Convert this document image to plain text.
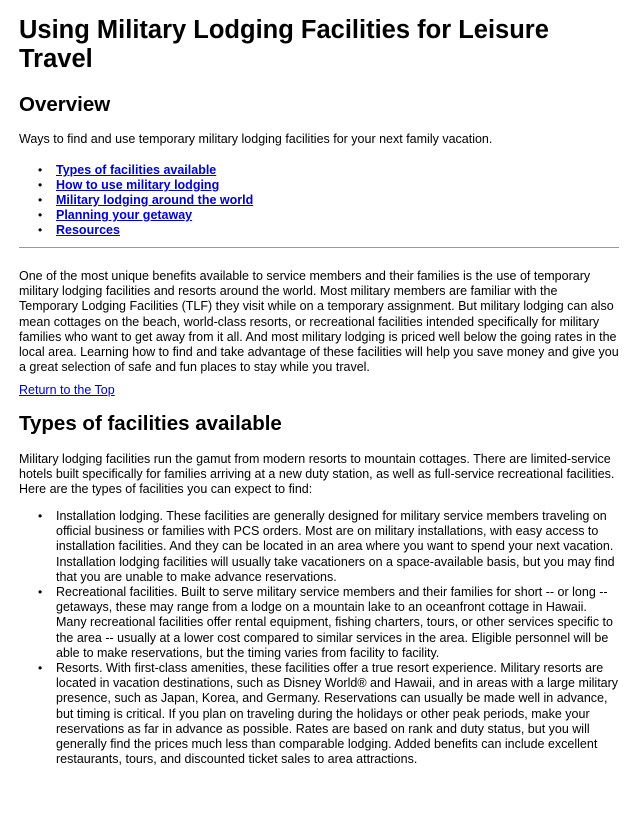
Using Military Lodging Facilities for Leisure Travel
Overview
Ways to find and use temporary military lodging facilities for your next family vacation.
• Types of facilities available
• How to use military lodging
• Military lodging around the world
• Planning your getaway
• Resources

One of the most unique benefits available to service members and their families is the use of temporary military lodging facilities and resorts around the world. Most military members are familiar with the Temporary Lodging Facilities (TLF) they visit while on a temporary assignment. But military lodging can also mean cottages on the beach, world-class resorts, or recreational facilities intended specifically for military families who want to get away from it all. And most military lodging is priced well below the going rates in the local area. Learning how to find and take advantage of these facilities will help you save money and give you a great selection of safe and fun places to stay while you travel.

Return to the Top
Types of facilities available

Military lodging facilities run the gamut from modern resorts to mountain cottages. There are limited-service hotels built specifically for families arriving at a new duty station, as well as full-service recreational facilities. Here are the types of facilities you can expect to find:

• Installation lodging. These facilities are generally designed for military service members traveling on official business or families with PCS orders. Most are on military installations, with easy access to installation facilities. And they can be located in an area where you want to spend your next vacation. Installation lodging facilities will usually take vacationers on a space-available basis, but you may find that you are unable to make advance reservations.
• Recreational facilities. Built to serve military service members and their families for short -- or long -- getaways, these may range from a lodge on a mountain lake to an oceanfront cottage in Hawaii. Many recreational facilities offer rental equipment, fishing charters, tours, or other services specific to the area -- usually at a lower cost compared to similar services in the area. Eligible personnel will be able to make reservations, but the timing varies from facility to facility.
• Resorts. With first-class amenities, these facilities offer a true resort experience. Military resorts are located in vacation destinations, such as Disney World® and Hawaii, and in areas with a large military presence, such as Japan, Korea, and Germany. Reservations can usually be made well in advance, but timing is critical. If you plan on traveling during the holidays or other peak periods, make your reservations as far in advance as possible. Rates are based on rank and duty status, but you will generally find the prices much less than comparable lodging. Added benefits can include excellent restaurants, tours, and discounted ticket sales to area attractions.
